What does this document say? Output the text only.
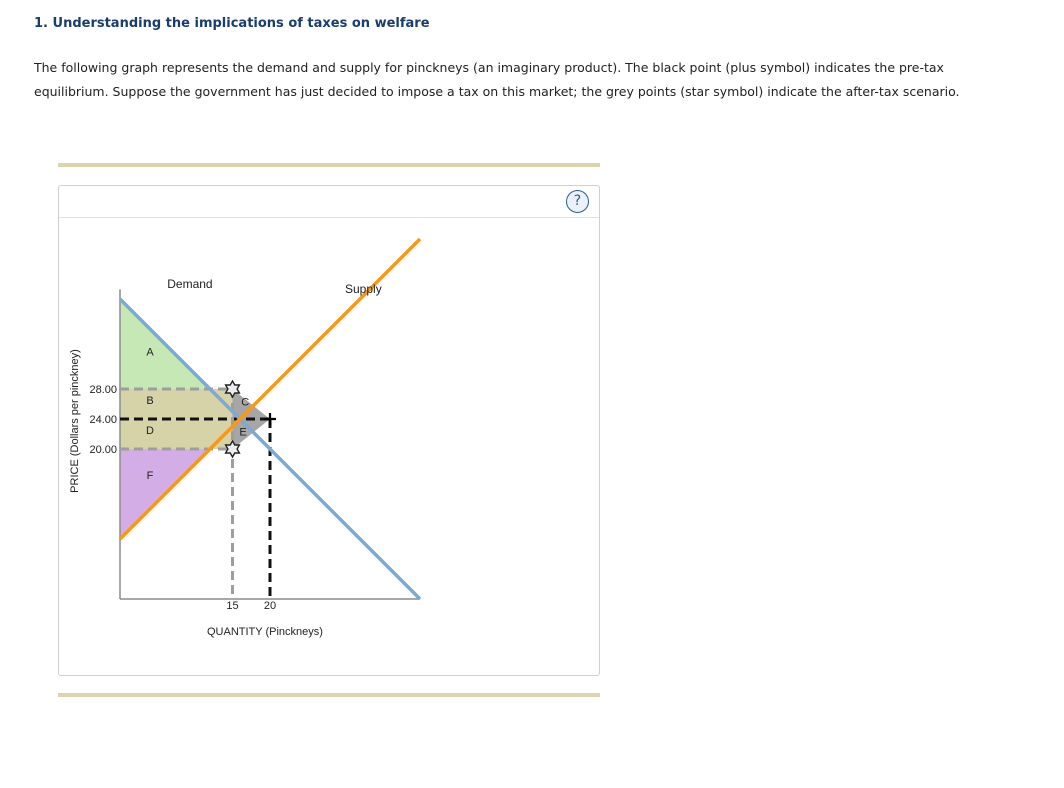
1. Understanding the implications of taxes on welfare
The following graph represents the demand and supply for pinckneys (an imaginary product). The black point (plus symbol) indicates the pre-tax equilibrium. Suppose the government has just decided to impose a tax on this market; the grey points (star symbol) indicate the after-tax scenario.
?
A
B	C
D	E
F
Demand	Supply
28.00
24.00
20.00
15 20
QUANTITY (Pinckneys)
PRICE (Dollars per pinckney)
